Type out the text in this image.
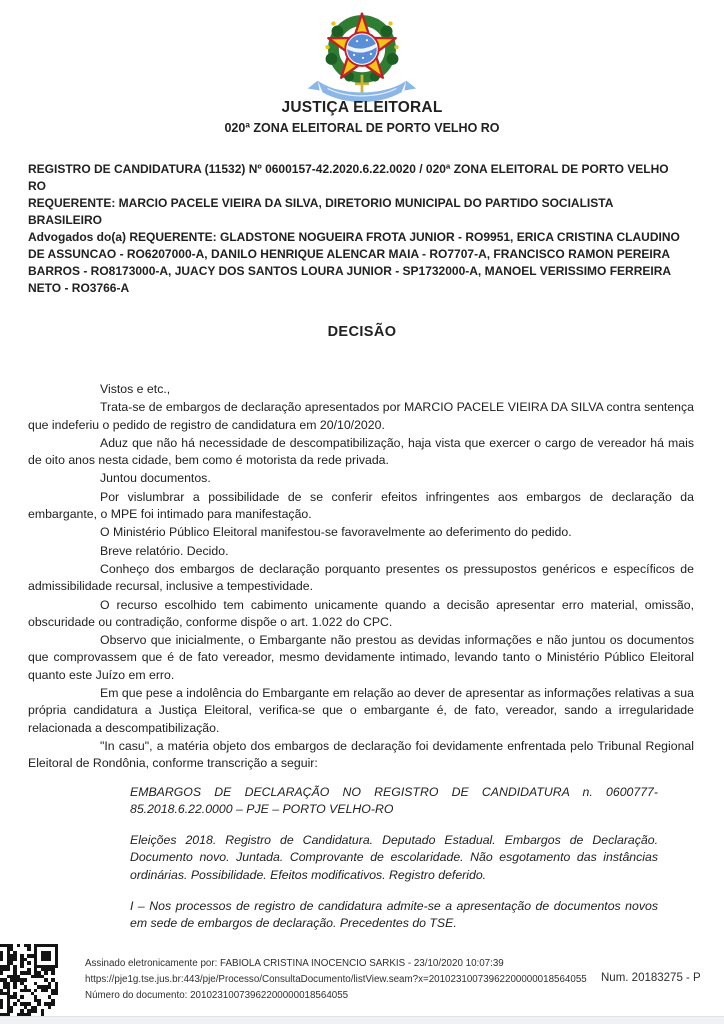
JUSTIÇA ELEITORAL
020ª ZONA ELEITORAL DE PORTO VELHO RO

REGISTRO DE CANDIDATURA (11532) Nº 0600157-42.2020.6.22.0020 / 020ª ZONA ELEITORAL DE PORTO VELHO RO

REQUERENTE: MARCIO PACELE VIEIRA DA SILVA, DIRETORIO MUNICIPAL DO PARTIDO SOCIALISTA BRASILEIRO

Advogados do(a) REQUERENTE: GLADSTONE NOGUEIRA FROTA JUNIOR - RO9951, ERICA CRISTINA CLAUDINO DE ASSUNCAO - RO6207000-A, DANILO HENRIQUE ALENCAR MAIA - RO7707-A, FRANCISCO RAMON PEREIRA BARROS - RO8173000-A, JUACY DOS SANTOS LOURA JUNIOR - SP1732000-A, MANOEL VERISSIMO FERREIRA NETO - RO3766-A

DECISÃO

Vistos e etc.,

Trata-se de embargos de declaração apresentados por MARCIO PACELE VIEIRA DA SILVA contra sentença que indeferiu o pedido de registro de candidatura em 20/10/2020.

Aduz que não há necessidade de descompatibilização, haja vista que exercer o cargo de vereador há mais de oito anos nesta cidade, bem como é motorista da rede privada.

Juntou documentos.

Por vislumbrar a possibilidade de se conferir efeitos infringentes aos embargos de declaração da embargante, o MPE foi intimado para manifestação.

O Ministério Público Eleitoral manifestou-se favoravelmente ao deferimento do pedido.

Breve relatório. Decido.

Conheço dos embargos de declaração porquanto presentes os pressupostos genéricos e específicos de admissibilidade recursal, inclusive a tempestividade.

O recurso escolhido tem cabimento unicamente quando a decisão apresentar erro material, omissão, obscuridade ou contradição, conforme dispõe o art. 1.022 do CPC.

Observo que inicialmente, o Embargante não prestou as devidas informações e não juntou os documentos que comprovassem que é de fato vereador, mesmo devidamente intimado, levando tanto o Ministério Público Eleitoral quanto este Juízo em erro.

Em que pese a indolência do Embargante em relação ao dever de apresentar as informações relativas a sua própria candidatura a Justiça Eleitoral, verifica-se que o embargante é, de fato, vereador, sando a irregularidade relacionada a descompatibilização.

"In casu", a matéria objeto dos embargos de declaração foi devidamente enfrentada pelo Tribunal Regional Eleitoral de Rondônia, conforme transcrição a seguir:

EMBARGOS DE DECLARAÇÃO NO REGISTRO DE CANDIDATURA n. 0600777-85.2018.6.22.0000 – PJE – PORTO VELHO-RO

Eleições 2018. Registro de Candidatura. Deputado Estadual. Embargos de Declaração. Documento novo. Juntada. Comprovante de escolaridade. Não esgotamento das instâncias ordinárias. Possibilidade. Efeitos modificativos. Registro deferido.

I – Nos processos de registro de candidatura admite-se a apresentação de documentos novos em sede de embargos de declaração. Precedentes do TSE.

Assinado eletronicamente por: FABIOLA CRISTINA INOCENCIO SARKIS - 23/10/2020 10:07:39
https://pje1g.tse.jus.br:443/pje/Processo/ConsultaDocumento/listView.seam?x=20102310073962200000018564055
Número do documento: 20102310073962200000018564055
Num. 20183275 - P
